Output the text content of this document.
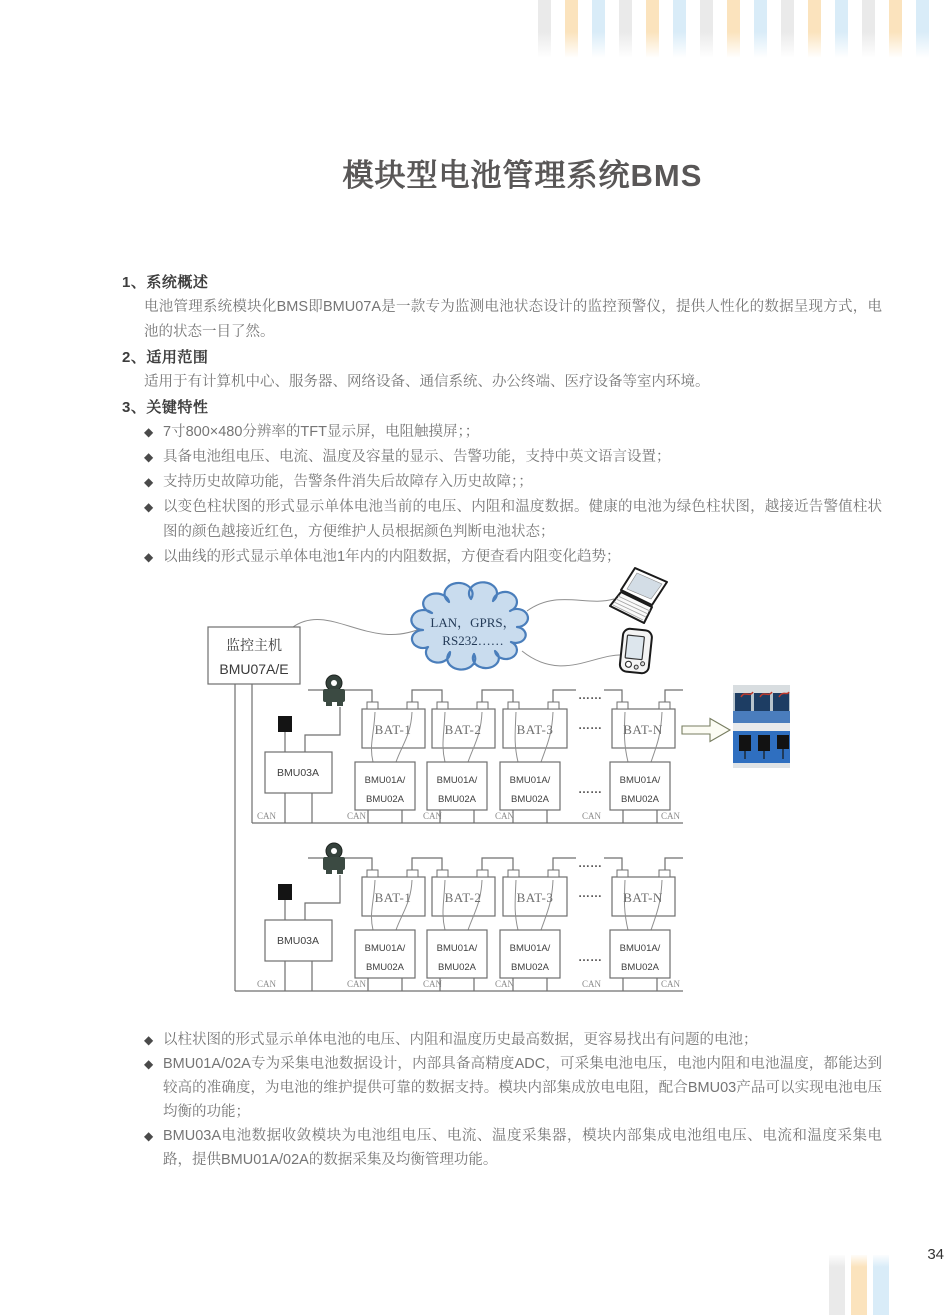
模块型电池管理系统BMS
1、系统概述

电池管理系统模块化BMS即BMU07A是一款专为监测电池状态设计的监控预警仪，提供人性化的数据呈现方式，电池的状态一目了然。

2、适用范围

适用于有计算机中心、服务器、网络设备、通信系统、办公终端、医疗设备等室内环境。

3、关键特性
◆ 7寸800×480分辨率的TFT显示屏，电阻触摸屏；；

◆ 具备电池组电压、电流、温度及容量的显示、告警功能，支持中英文语言设置；

◆ 支持历史故障功能，告警条件消失后故障存入历史故障；；

◆ 以变色柱状图的形式显示单体电池当前的电压、内阻和温度数据。健康的电池为绿色柱状图，越接近告警值柱状图的颜色越接近红色，方便维护人员根据颜色判断电池状态；

◆ 以曲线的形式显示单体电池1年内的内阻数据，方便查看内阻变化趋势；

LAN，GPRS，
RS232……
监控主机
BMU07A/E
BAT-1	BAT-2	BAT-3	BAT-N
……
……
……
BMU01A/
BMU02A
BMU01A/
BMU02A
BMU01A/
BMU02A
BMU01A/
BMU02A
BMU03A
CAN	CAN	CAN	CAN	CAN	CAN
BAT-1	BAT-2	BAT-3	BAT-N
……
……
……
BMU01A/
BMU02A
BMU01A/
BMU02A
BMU01A/
BMU02A
BMU01A/
BMU02A
BMU03A
CAN	CAN	CAN	CAN	CAN	CAN
◆ 以柱状图的形式显示单体电池的电压、内阻和温度历史最高数据，更容易找出有问题的电池；

◆ BMU01A/02A专为采集电池数据设计，内部具备高精度ADC，可采集电池电压，电池内阻和电池温度，都能达到较高的准确度，为电池的维护提供可靠的数据支持。模块内部集成放电电阻，配合BMU03产品可以实现电池电压均衡的功能；

◆ BMU03A电池数据收敛模块为电池组电压、电流、温度采集器，模块内部集成电池组电压、电流和温度采集电路，提供BMU01A/02A的数据采集及均衡管理功能。

34
